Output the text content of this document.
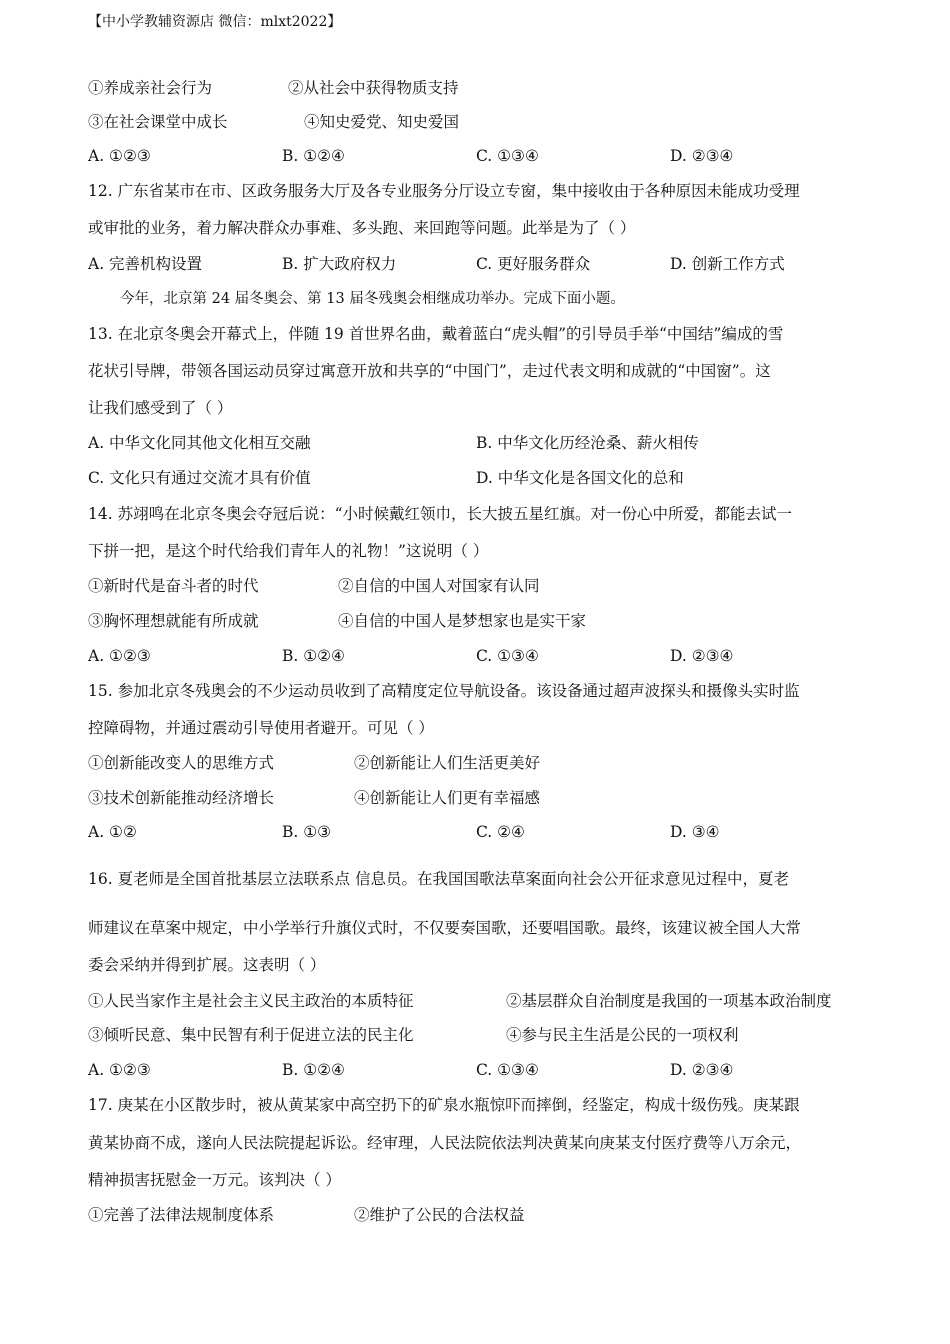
【中小学教辅资源店 微信：mlxt2022】
①养成亲社会行为	②从社会中获得物质支持
③在社会课堂中成长	④知史爱党、知史爱国
A. ①②③	B. ①②④	C. ①③④	D. ②③④
12. 广东省某市在市、区政务服务大厅及各专业服务分厅设立专窗，集中接收由于各种原因未能成功受理
或审批的业务，着力解决群众办事难、多头跑、来回跑等问题。此举是为了（ ）
A. 完善机构设置	B. 扩大政府权力	C. 更好服务群众	D. 创新工作方式
今年，北京第 24 届冬奥会、第 13 届冬残奥会相继成功举办。完成下面小题。
13. 在北京冬奥会开幕式上，伴随 19 首世界名曲，戴着蓝白“虎头帽”的引导员手举“中国结”编成的雪
花状引导牌，带领各国运动员穿过寓意开放和共享的“中国门”，走过代表文明和成就的“中国窗”。这
让我们感受到了（ ）
A. 中华文化同其他文化相互交融	B. 中华文化历经沧桑、薪火相传
C. 文化只有通过交流才具有价值	D. 中华文化是各国文化的总和
14. 苏翊鸣在北京冬奥会夺冠后说：“小时候戴红领巾，长大披五星红旗。对一份心中所爱，都能去试一
下拼一把，是这个时代给我们青年人的礼物！”这说明（ ）
①新时代是奋斗者的时代	②自信的中国人对国家有认同
③胸怀理想就能有所成就	④自信的中国人是梦想家也是实干家
A. ①②③	B. ①②④	C. ①③④	D. ②③④
15. 参加北京冬残奥会的不少运动员收到了高精度定位导航设备。该设备通过超声波探头和摄像头实时监
控障碍物，并通过震动引导使用者避开。可见（ ）
①创新能改变人的思维方式	②创新能让人们生活更美好
③技术创新能推动经济增长	④创新能让人们更有幸福感
A. ①②	B. ①③	C. ②④	D. ③④
16. 夏老师是全国首批基层立法联系点 信息员。在我国国歌法草案面向社会公开征求意见过程中，夏老
师建议在草案中规定，中小学举行升旗仪式时，不仅要奏国歌，还要唱国歌。最终，该建议被全国人大常
委会采纳并得到扩展。这表明（ ）
①人民当家作主是社会主义民主政治的本质特征	②基层群众自治制度是我国的一项基本政治制度
③倾听民意、集中民智有利于促进立法的民主化	④参与民主生活是公民的一项权利
A. ①②③	B. ①②④	C. ①③④	D. ②③④
17. 庚某在小区散步时，被从黄某家中高空扔下的矿泉水瓶惊吓而摔倒，经鉴定，构成十级伤残。庚某跟
黄某协商不成，遂向人民法院提起诉讼。经审理，人民法院依法判决黄某向庚某支付医疗费等八万余元，
精神损害抚慰金一万元。该判决（ ）
①完善了法律法规制度体系	②维护了公民的合法权益
